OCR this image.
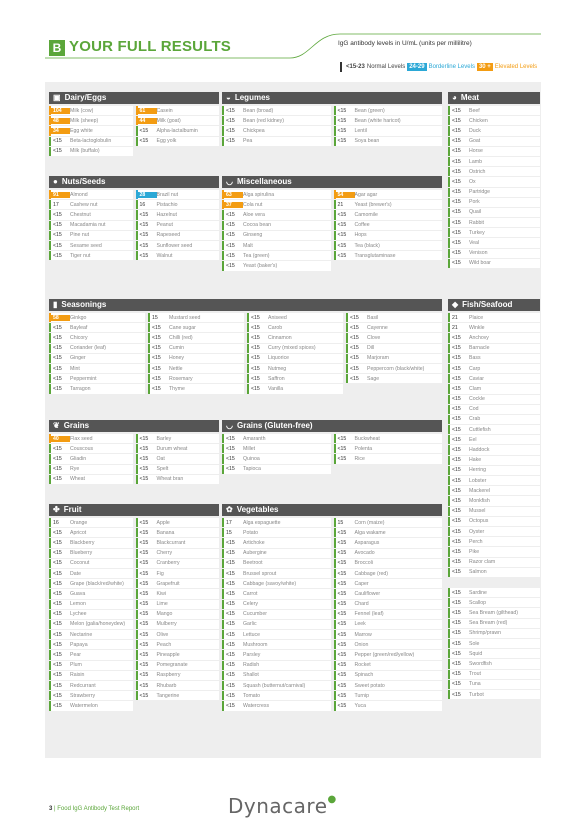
B YOUR FULL RESULTS	IgG antibody levels in U/mL (units per millilitre)
<15-23 Normal Levels 24-29 Borderline Levels 30 + Elevated Levels
▣ Dairy/Eggs
104	Milk (cow)
48	Milk (sheep)
34	Egg white
<15	Beta-lactoglobulin
<15	Milk (buffalo)
61	Casein
44	Milk (goat)
<15	Alpha-lactalbumin
<15	Egg yolk
◒ Legumes
<15	Bean (broad)
<15	Bean (red kidney)
<15	Chickpea
<15	Pea
<15	Bean (green)
<15	Bean (white haricot)
<15	Lentil
<15	Soya bean
◕ Meat
<15	Beef
<15	Chicken
<15	Duck
<15	Goat
<15	Horse
<15	Lamb
<15	Ostrich
<15	Ox
<15	Partridge
<15	Pork
<15	Quail
<15	Rabbit
<15	Turkey
<15	Veal
<15	Venison
<15	Wild boar
● Nuts/Seeds
91	Almond
17	Cashew nut
<15	Chestnut
<15	Macadamia nut
<15	Pine nut
<15	Sesame seed
<15	Tiger nut
28	Brazil nut
16	Pistachio
<15	Hazelnut
<15	Peanut
<15	Rapeseed
<15	Sunflower seed
<15	Walnut
◡ Miscellaneous
63	Alga spirulina
37	Cola nut
<15	Aloe vera
<15	Cocoa bean
<15	Ginseng
<15	Malt
<15	Tea (green)
<15	Yeast (baker's)
54	Agar agar
21	Yeast (brewer's)
<15	Camomile
<15	Coffee
<15	Hops
<15	Tea (black)
<15	Transglutaminase
▮ Seasonings
58	Ginkgo
<15	Bayleaf
<15	Chicory
<15	Coriander (leaf)
<15	Ginger
<15	Mint
<15	Peppermint
<15	Tarragon
15	Mustard seed
<15	Cane sugar
<15	Chilli (red)
<15	Cumin
<15	Honey
<15	Nettle
<15	Rosemary
<15	Thyme
<15	Aniseed
<15	Carob
<15	Cinnamon
<15	Curry (mixed spices)
<15	Liquorice
<15	Nutmeg
<15	Saffron
<15	Vanilla
<15	Basil
<15	Cayenne
<15	Clove
<15	Dill
<15	Marjoram
<15	Peppercorn (black/white)
<15	Sage
◆ Fish/Seafood
21	Plaice
21	Winkle
<15	Anchovy
<15	Barnacle
<15	Bass
<15	Carp
<15	Caviar
<15	Clam
<15	Cockle
<15	Cod
<15	Crab
<15	Cuttlefish
<15	Eel
<15	Haddock
<15	Hake
<15	Herring
<15	Lobster
<15	Mackerel
<15	Monkfish
<15	Mussel
<15	Octopus
<15	Oyster
<15	Perch
<15	Pike
<15	Razor clam
<15	Salmon
<15	Sardine
<15	Scallop
<15	Sea Bream (gilthead)
<15	Sea Bream (red)
<15	Shrimp/prawn
<15	Sole
<15	Squid
<15	Swordfish
<15	Trout
<15	Tuna
<15	Turbot
❦ Grains
40	Flax seed
<15	Couscous
<15	Gliadin
<15	Rye
<15	Wheat
<15	Barley
<15	Durum wheat
<15	Oat
<15	Spelt
<15	Wheat bran
◡ Grains (Gluten-free)
<15	Amaranth
<15	Millet
<15	Quinoa
<15	Tapioca
<15	Buckwheat
<15	Polenta
<15	Rice
✤ Fruit
16	Orange
<15	Apricot
<15	Blackberry
<15	Blueberry
<15	Coconut
<15	Date
<15	Grape (black/red/white)
<15	Guava
<15	Lemon
<15	Lychee
<15	Melon (galia/honeydew)
<15	Nectarine
<15	Papaya
<15	Pear
<15	Plum
<15	Raisin
<15	Redcurrant
<15	Strawberry
<15	Watermelon
<15	Apple
<15	Banana
<15	Blackcurrant
<15	Cherry
<15	Cranberry
<15	Fig
<15	Grapefruit
<15	Kiwi
<15	Lime
<15	Mango
<15	Mulberry
<15	Olive
<15	Peach
<15	Pineapple
<15	Pomegranate
<15	Raspberry
<15	Rhubarb
<15	Tangerine
✿ Vegetables
17	Alga espaguette
15	Potato
<15	Artichoke
<15	Aubergine
<15	Beetroot
<15	Brussel sprout
<15	Cabbage (savoy/white)
<15	Carrot
<15	Celery
<15	Cucumber
<15	Garlic
<15	Lettuce
<15	Mushroom
<15	Parsley
<15	Radish
<15	Shallot
<15	Squash (butternut/carnival)
<15	Tomato
<15	Watercress
15	Corn (maize)
<15	Alga wakame
<15	Asparagus
<15	Avocado
<15	Broccoli
<15	Cabbage (red)
<15	Caper
<15	Cauliflower
<15	Chard
<15	Fennel (leaf)
<15	Leek
<15	Marrow
<15	Onion
<15	Pepper (green/red/yellow)
<15	Rocket
<15	Spinach
<15	Sweet potato
<15	Turnip
<15	Yuca
3 | Food IgG Antibody Test Report	Dynacare●
